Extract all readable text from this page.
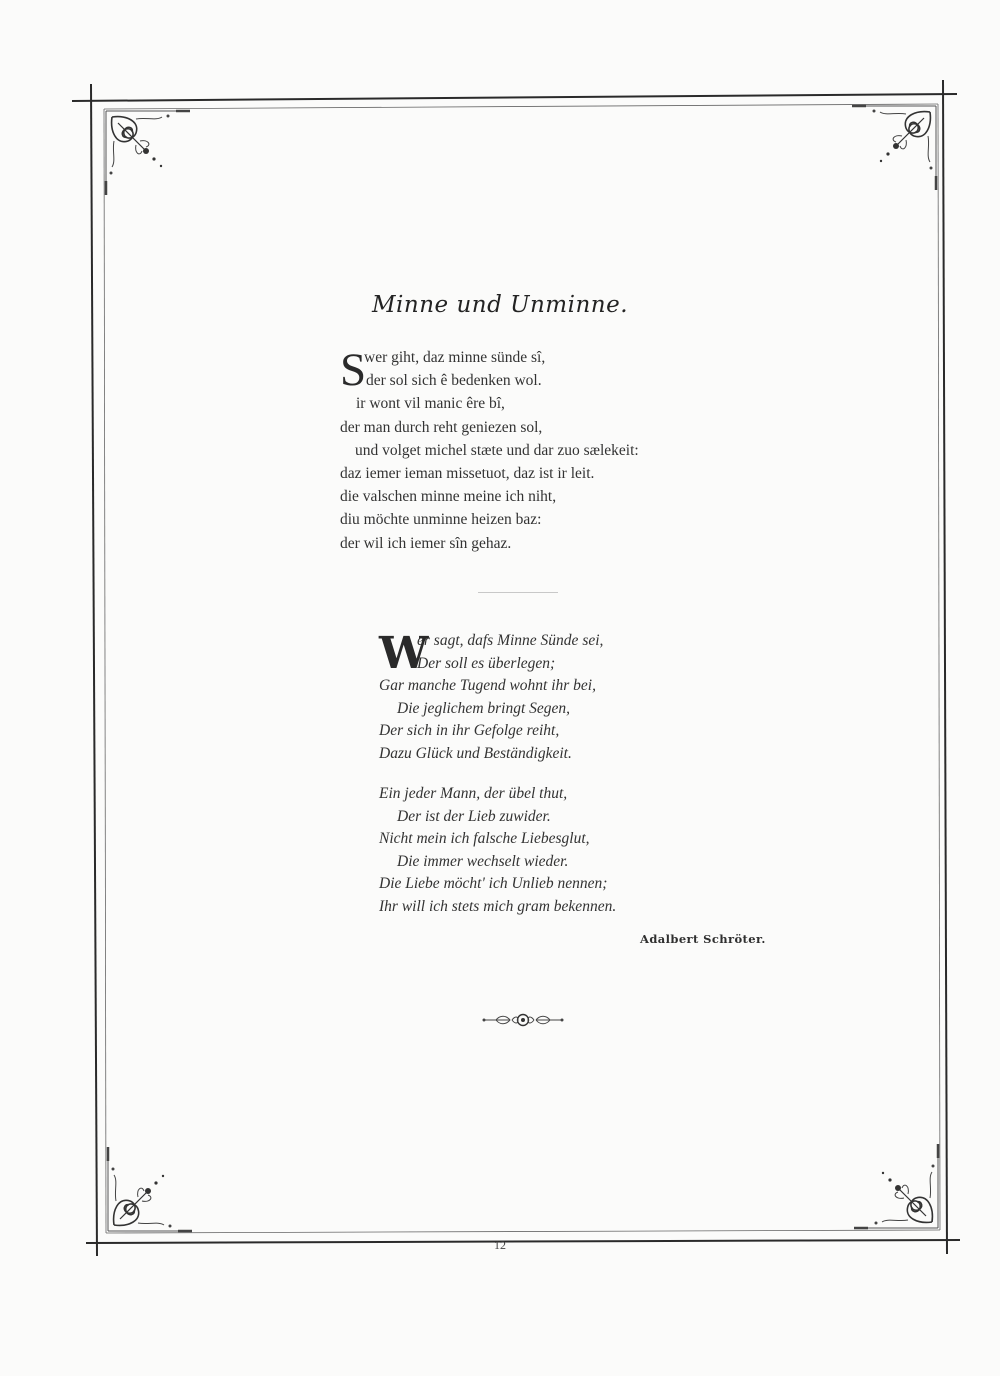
Minne und Unminne.
S
wer giht, daz minne sünde sî,
der sol sich ê bedenken wol.
ir wont vil manic êre bî,
der man durch reht geniezen sol,
und volget michel stæte und dar zuo sælekeit:
daz iemer ieman missetuot, daz ist ir leit.
die valschen minne meine ich niht,
diu möchte unminne heizen baz:
der wil ich iemer sîn gehaz.
W
er sagt, dafs Minne Sünde sei,
Der soll es überlegen;
Gar manche Tugend wohnt ihr bei,
Die jeglichem bringt Segen,
Der sich in ihr Gefolge reiht,
Dazu Glück und Beständigkeit.
Ein jeder Mann, der übel thut,
Der ist der Lieb zuwider.
Nicht mein ich falsche Liebesglut,
Die immer wechselt wieder.
Die Liebe möcht' ich Unlieb nennen;
Ihr will ich stets mich gram bekennen.
Adalbert Schröter.
12
